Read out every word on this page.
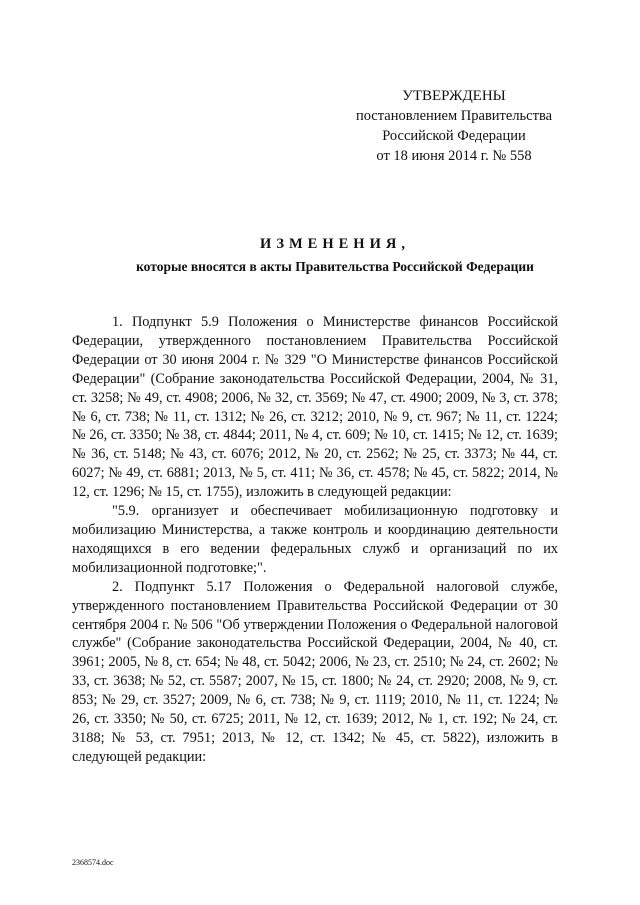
УТВЕРЖДЕНЫ
постановлением Правительства
Российской Федерации
от 18 июня 2014 г. № 558
ИЗМЕНЕНИЯ,
которые вносятся в акты Правительства Российской Федерации

1. Подпункт 5.9 Положения о Министерстве финансов Российской Федерации, утвержденного постановлением Правительства Российской Федерации от 30 июня 2004 г. № 329 "О Министерстве финансов Российской Федерации" (Собрание законодательства Российской Федерации, 2004, № 31, ст. 3258; № 49, ст. 4908; 2006, № 32, ст. 3569; № 47, ст. 4900; 2009, № 3, ст. 378; № 6, ст. 738; № 11, ст. 1312; № 26, ст. 3212; 2010, № 9, ст. 967; № 11, ст. 1224; № 26, ст. 3350; № 38, ст. 4844; 2011, № 4, ст. 609; № 10, ст. 1415; № 12, ст. 1639; № 36, ст. 5148; № 43, ст. 6076; 2012, № 20, ст. 2562; № 25, ст. 3373; № 44, ст. 6027; № 49, ст. 6881; 2013, № 5, ст. 411; № 36, ст. 4578; № 45, ст. 5822; 2014, № 12, ст. 1296; № 15, ст. 1755), изложить в следующей редакции:

"5.9. организует и обеспечивает мобилизационную подготовку и мобилизацию Министерства, а также контроль и координацию деятельности находящихся в его ведении федеральных служб и организаций по их мобилизационной подготовке;".

2. Подпункт 5.17 Положения о Федеральной налоговой службе, утвержденного постановлением Правительства Российской Федерации от 30 сентября 2004 г. № 506 "Об утверждении Положения о Федеральной налоговой службе" (Собрание законодательства Российской Федерации, 2004, № 40, ст. 3961; 2005, № 8, ст. 654; № 48, ст. 5042; 2006, № 23, ст. 2510; № 24, ст. 2602; № 33, ст. 3638; № 52, ст. 5587; 2007, № 15, ст. 1800; № 24, ст. 2920; 2008, № 9, ст. 853; № 29, ст. 3527; 2009, № 6, ст. 738; № 9, ст. 1119; 2010, № 11, ст. 1224; № 26, ст. 3350; № 50, ст. 6725; 2011, № 12, ст. 1639; 2012, № 1, ст. 192; № 24, ст. 3188; № 53, ст. 7951; 2013, № 12, ст. 1342; № 45, ст. 5822), изложить в следующей редакции:

2368574.doc
